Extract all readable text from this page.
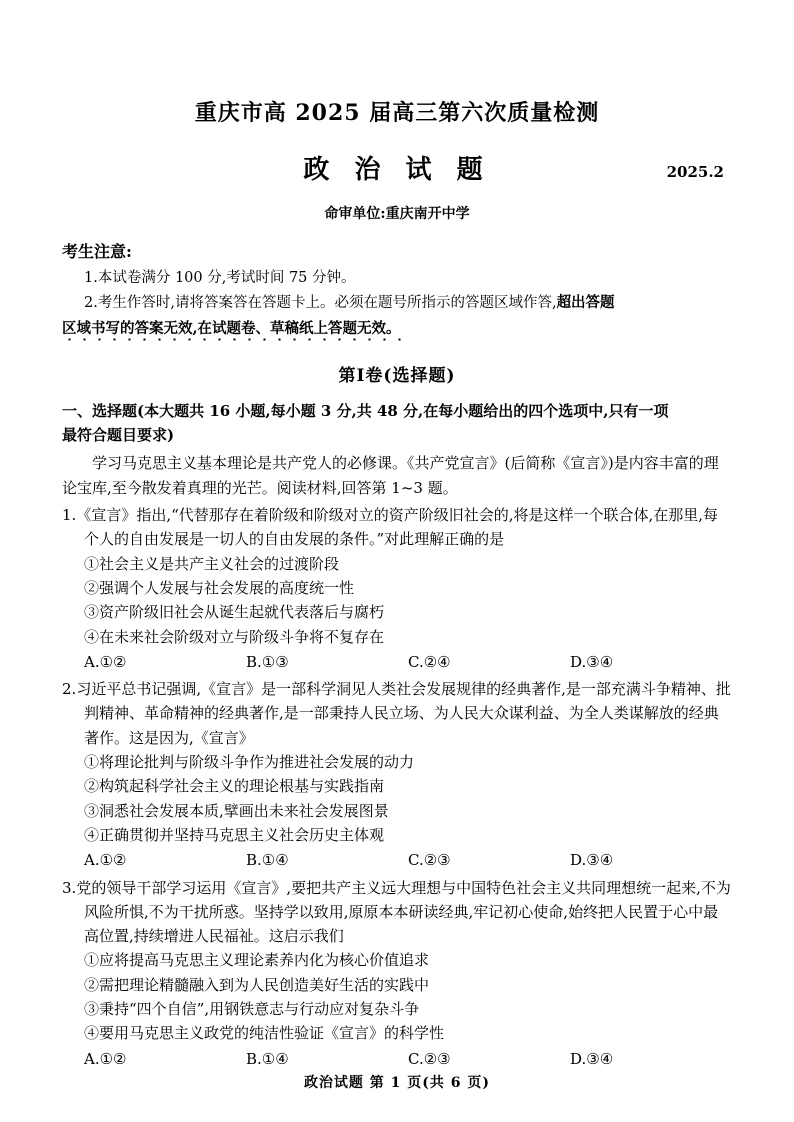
重庆市高 2025 届高三第六次质量检测
政 治 试 题	2025.2
命审单位:重庆南开中学
考生注意:
1.本试卷满分 100 分,考试时间 75 分钟。
2.考生作答时,请将答案答在答题卡上。必须在题号所指示的答题区域作答,超出答题
区域书写的答案无效,在试题卷、草稿纸上答题无效。
第Ⅰ卷(选择题)
一、选择题(本大题共 16 小题,每小题 3 分,共 48 分,在每小题给出的四个选项中,只有一项
最符合题目要求)
学习马克思主义基本理论是共产党人的必修课。《共产党宣言》(后简称《宣言》)是内容丰富的理论宝库,至今散发着真理的光芒。阅读材料,回答第 1~3 题。
1.《宣言》指出,“代替那存在着阶级和阶级对立的资产阶级旧社会的,将是这样一个联合体,在那里,每个人的自由发展是一切人的自由发展的条件。”对此理解正确的是
①社会主义是共产主义社会的过渡阶段
②强调个人发展与社会发展的高度统一性
③资产阶级旧社会从诞生起就代表落后与腐朽
④在未来社会阶级对立与阶级斗争将不复存在
A.①②	B.①③	C.②④	D.③④
2.习近平总书记强调,《宣言》是一部科学洞见人类社会发展规律的经典著作,是一部充满斗争精神、批判精神、革命精神的经典著作,是一部秉持人民立场、为人民大众谋利益、为全人类谋解放的经典著作。这是因为,《宣言》
①将理论批判与阶级斗争作为推进社会发展的动力
②构筑起科学社会主义的理论根基与实践指南
③洞悉社会发展本质,擘画出未来社会发展图景
④正确贯彻并坚持马克思主义社会历史主体观
A.①②	B.①④	C.②③	D.③④
3.党的领导干部学习运用《宣言》,要把共产主义远大理想与中国特色社会主义共同理想统一起来,不为风险所惧,不为干扰所惑。坚持学以致用,原原本本研读经典,牢记初心使命,始终把人民置于心中最高位置,持续增进人民福祉。这启示我们
①应将提高马克思主义理论素养内化为核心价值追求
②需把理论精髓融入到为人民创造美好生活的实践中
③秉持“四个自信”,用钢铁意志与行动应对复杂斗争
④要用马克思主义政党的纯洁性验证《宣言》的科学性
A.①②	B.①④	C.②③	D.③④
政治试题 第 1 页(共 6 页)
